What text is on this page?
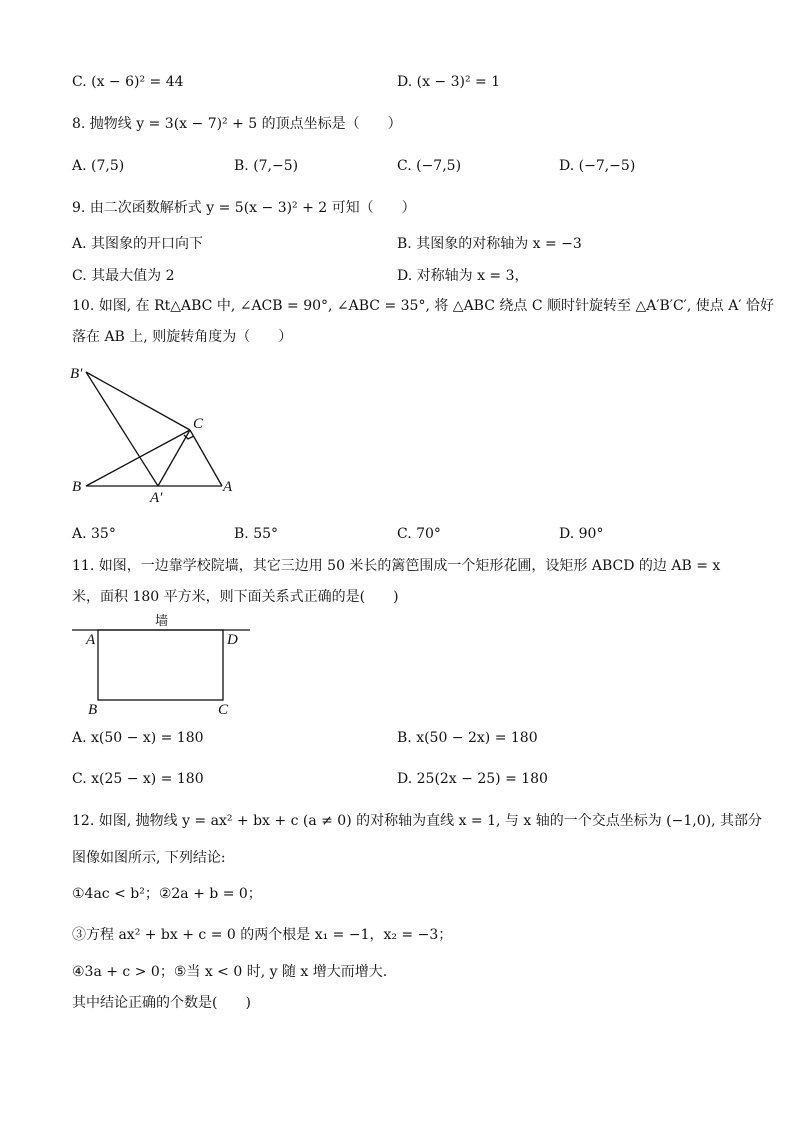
C. (x − 6)² = 44	D. (x − 3)² = 1
8. 抛物线 y = 3(x − 7)² + 5 的顶点坐标是（　　）
A. (7,5)	B. (7,−5)	C. (−7,5)	D. (−7,−5)
9. 由二次函数解析式 y = 5(x − 3)² + 2 可知（　　）
A. 其图象的开口向下	B. 其图象的对称轴为 x = −3
C. 其最大值为 2	D. 对称轴为 x = 3，
10. 如图, 在 Rt△ABC 中, ∠ACB = 90°, ∠ABC = 35°, 将 △ABC 绕点 C 顺时针旋转至 △A′B′C′, 使点 A′ 恰好
落在 AB 上, 则旋转角度为（　　）
B′
C
B
A′
A
A. 35°	B. 55°	C. 70°	D. 90°
11. 如图，一边靠学校院墙，其它三边用 50 米长的篱笆围成一个矩形花圃，设矩形 ABCD 的边 AB = x
米，面积 180 平方米，则下面关系式正确的是(　　)
墙
A	D
B	C
A. x(50 − x) = 180	B. x(50 − 2x) = 180
C. x(25 − x) = 180	D. 25(2x − 25) = 180
12. 如图, 抛物线 y = ax² + bx + c (a ≠ 0) 的对称轴为直线 x = 1, 与 x 轴的一个交点坐标为 (−1,0), 其部分
图像如图所示, 下列结论:
①4ac < b²；②2a + b = 0；
③方程 ax² + bx + c = 0 的两个根是 x₁ = −1，x₂ = −3；
④3a + c > 0；⑤当 x < 0 时, y 随 x 增大而增大.
其中结论正确的个数是(　　)
